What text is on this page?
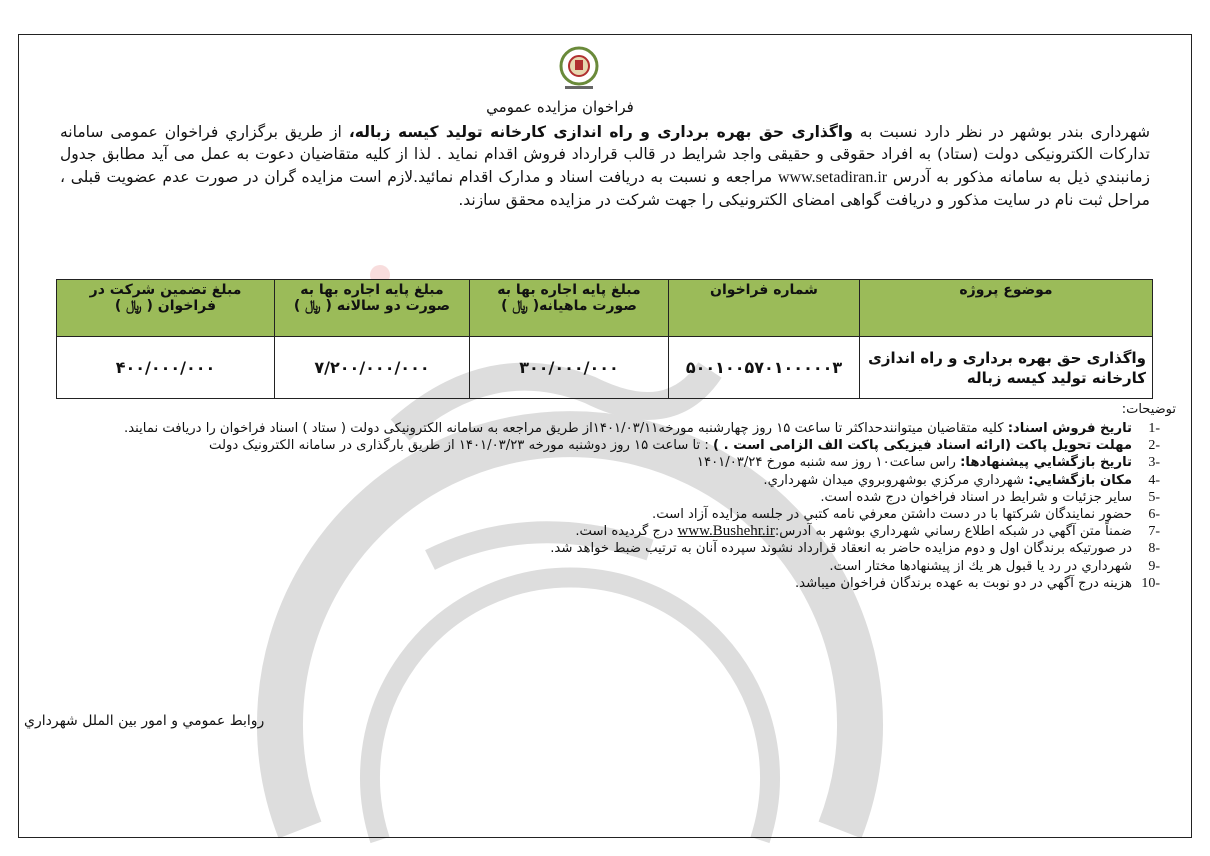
فراخوان مزايده عمومي
شهرداری بندر بوشهر در نظر دارد نسبت به واگذاری حق بهره برداری و راه اندازی کارخانه تولید کیسه زباله، از طريق برگزاري فراخوان عمومی سامانه تدارکات الکترونيکی دولت (ستاد) به افراد حقوقی و حقیقی واجد شرایط در قالب قرارداد فروش اقدام نماید . لذا از کلیه متقاضیان دعوت به عمل می آید مطابق جدول زمانبندي ذيل به سامانه مذکور به آدرس www.setadiran.ir مراجعه و نسبت به دریافت اسناد و مدارک اقدام نمائید.لازم است مزایده گران در صورت عدم عضویت قبلی ، مراحل ثبت نام در سایت مذکور و دریافت گواهی امضای الکترونیکی را جهت شرکت در مزایده محقق سازند.
موضوع پروژه	شماره فراخوان	مبلغ پایه اجاره بها به صورت ماهیانه( ﷼ )	مبلغ پایه اجاره بها به صورت دو سالانه ( ﷼ )	مبلغ تضمین شرکت در فراخوان ( ﷼ )
واگذاری حق بهره برداری و راه اندازی کارخانه تولید کیسه زباله	۵۰۰۱۰۰۵۷۰۱۰۰۰۰۰۳	۳۰۰/۰۰۰/۰۰۰	۷/۲۰۰/۰۰۰/۰۰۰	۴۰۰/۰۰۰/۰۰۰
توضیحات:
-1
تاريخ فروش اسناد: کلیه متقاضیان میتوانندحداکثر تا ساعت ۱۵ روز چهارشنبه مورخه۱۴۰۱/۰۳/۱۱از طریق مراجعه به سامانه الکترونیکی دولت ( ستاد ) اسناد فراخوان را دریافت نمایند.
-2
مهلت تحويل پاکت (ارائه اسناد فيزيکی پاکت الف الزامی است . ) : تا ساعت ۱۵ روز دوشنبه مورخه ۱۴۰۱/۰۳/۲۳ از طریق بارگذاری در سامانه الکترونیک دولت
-3
تاريخ بازگشايي پيشنهادها: راس ساعت۱۰ روز سه شنبه مورخ ۱۴۰۱/۰۳/۲۴
-4
مكان بازگشايي: شهرداري مرکزي بوشهروبروي ميدان شهرداري.
-5
ساير جزئيات و شرايط در اسناد فراخوان درج شده است.
-6
حضور نمايندگان شرکتها با در دست داشتن معرفي نامه کتبي در جلسه مزايده آزاد است.
-7
ضمناً متن آگهي در شبکه اطلاع رساني شهرداري بوشهر به آدرس:www.Bushehr.ir درج گرديده است.
-8
در صورتیکه برندگان اول و دوم مزایده حاضر به انعقاد قرارداد نشوند سپرده آنان به ترتیب ضبط خواهد شد.
-9
شهرداري در رد يا قبول هر يك از پيشنهادها مختار است.
-10
هزينه درج آگهي در دو نوبت به عهده برندگان فراخوان ميباشد.
روابط عمومي و امور بين الملل شهرداري
